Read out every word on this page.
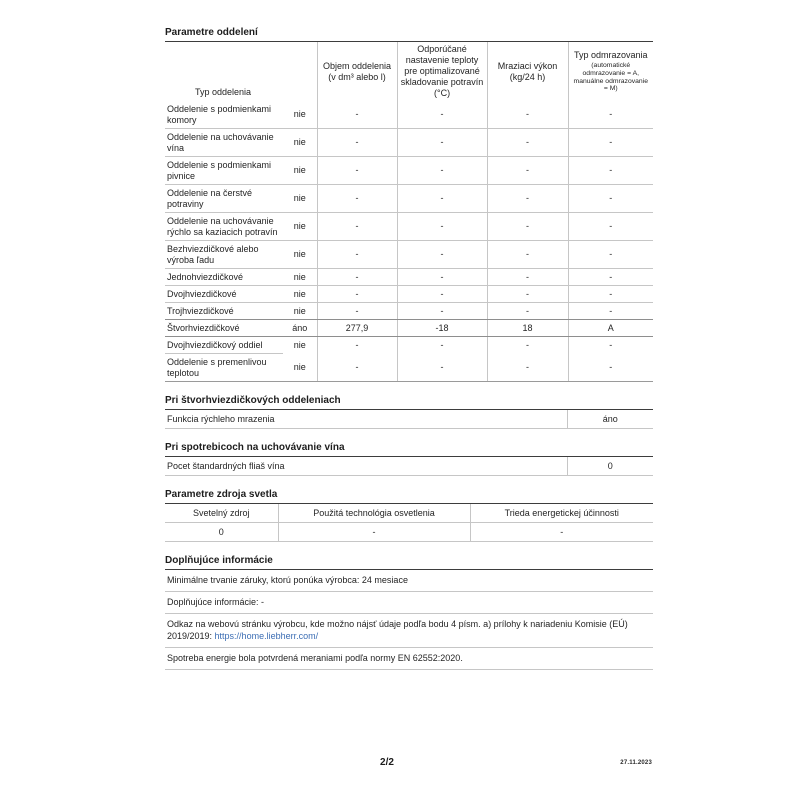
Parametre oddelení
Typ oddelenia		Objem oddelenia (v dm³ alebo l)	Odporúčané nastavenie teploty pre optimalizované skladovanie potravín (°C)	Mraziaci výkon (kg/24 h)	Typ odmrazovania
(automatické odmrazovanie = A, manuálne odmrazovanie = M)

Oddelenie s podmienkami komory	nie	-	-	-	-
Oddelenie na uchovávanie vína	nie	-	-	-	-
Oddelenie s podmienkami pivnice	nie	-	-	-	-
Oddelenie na čerstvé potraviny	nie	-	-	-	-
Oddelenie na uchovávanie rýchlo sa kaziacich potravín	nie	-	-	-	-
Bezhviezdičkové alebo výroba ľadu	nie	-	-	-	-
Jednohviezdičkové	nie	-	-	-	-
Dvojhviezdičkové	nie	-	-	-	-
Trojhviezdičkové	nie	-	-	-	-
Štvorhviezdičkové	áno	277,9	-18	18	A
Dvojhviezdičkový oddiel	nie	-	-	-	-
Oddelenie s premenlivou teplotou	nie	-	-	-	-
Pri štvorhviezdičkových oddeleniach
Funkcia rýchleho mrazenia	áno
Pri spotrebicoch na uchovávanie vína
Pocet štandardných fliaš vína	0
Parametre zdroja svetla
Svetelný zdroj	Použitá technológia osvetlenia	Trieda energetickej účinnosti
0	-	-
Doplňujúce informácie
Minimálne trvanie záruky, ktorú ponúka výrobca: 24 mesiace
Doplňujúce informácie: -
Odkaz na webovú stránku výrobcu, kde možno nájsť údaje podľa bodu 4 písm. a) prílohy k nariadeniu Komisie (EÚ) 2019/2019: https://home.liebherr.com/
Spotreba energie bola potvrdená meraniami podľa normy EN 62552:2020.
2/2	27.11.2023
